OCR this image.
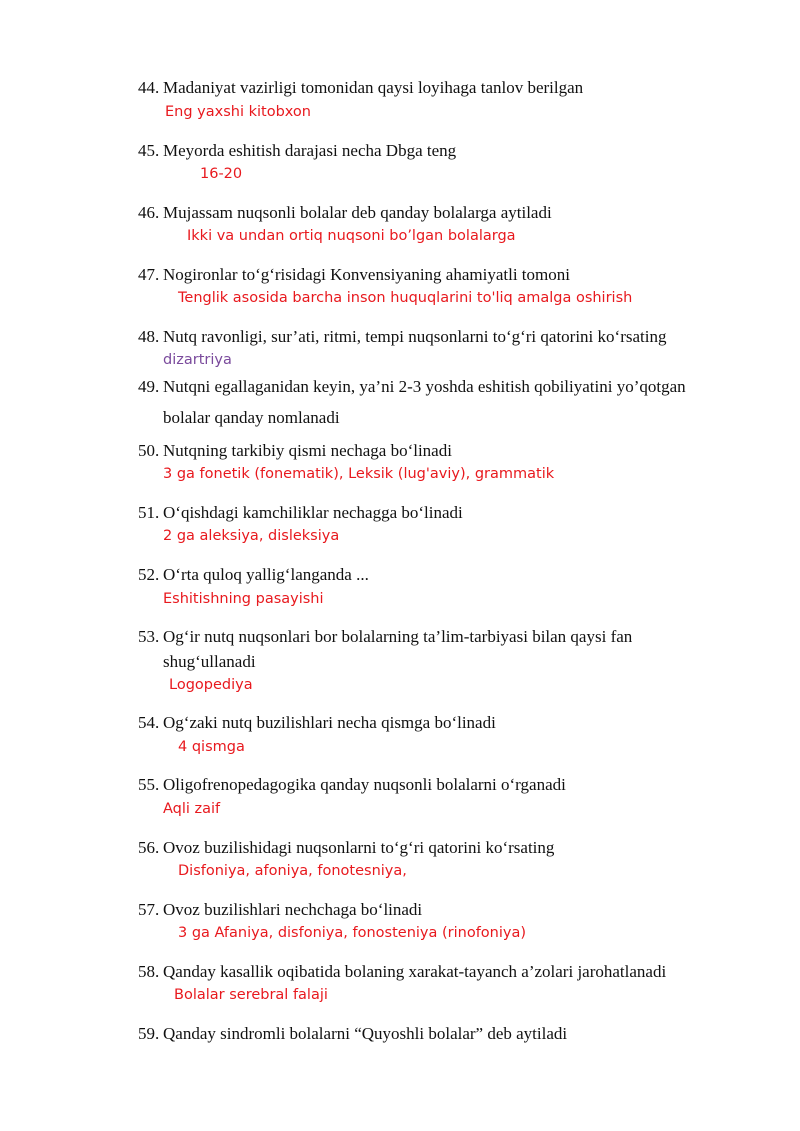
44. Madaniyat vazirligi tomonidan qaysi loyihaga tanlov berilgan

Eng yaxshi kitobxon

45. Meyorda eshitish darajasi necha Dbga teng

16-20

46. Mujassam nuqsonli bolalar deb qanday bolalarga aytiladi

Ikki va undan ortiq nuqsoni bo’lgan bolalarga

47. Nogironlar to‘g‘risidagi Konvensiyaning ahamiyatli tomoni

Tenglik asosida barcha inson huquqlarini to'liq amalga oshirish

48. Nutq ravonligi, sur’ati, ritmi, tempi nuqsonlarni to‘g‘ri qatorini ko‘rsating

dizartriya

49. Nutqni egallaganidan keyin, ya’ni 2-3 yoshda eshitish qobiliyatini yo’qotgan

bolalar qanday nomlanadi

50. Nutqning tarkibiy qismi nechaga bo‘linadi

3 ga fonetik (fonematik), Leksik (lug'aviy), grammatik

51. O‘qishdagi kamchiliklar nechagga bo‘linadi

2 ga aleksiya, disleksiya

52. O‘rta quloq yallig‘langanda ...

Eshitishning pasayishi

53. Og‘ir nutq nuqsonlari bor bolalarning ta’lim-tarbiyasi bilan qaysi fan

shug‘ullanadi

Logopediya

54. Og‘zaki nutq buzilishlari necha qismga bo‘linadi

4 qismga

55. Oligofrenopedagogika qanday nuqsonli bolalarni o‘rganadi

Aqli zaif

56. Ovoz buzilishidagi nuqsonlarni to‘g‘ri qatorini ko‘rsating

Disfoniya, afoniya, fonotesniya,

57. Ovoz buzilishlari nechchaga bo‘linadi

3 ga Afaniya, disfoniya, fonosteniya (rinofoniya)

58. Qanday kasallik oqibatida bolaning xarakat-tayanch a’zolari jarohatlanadi

Bolalar serebral falaji

59. Qanday sindromli bolalarni “Quyoshli bolalar” deb aytiladi
